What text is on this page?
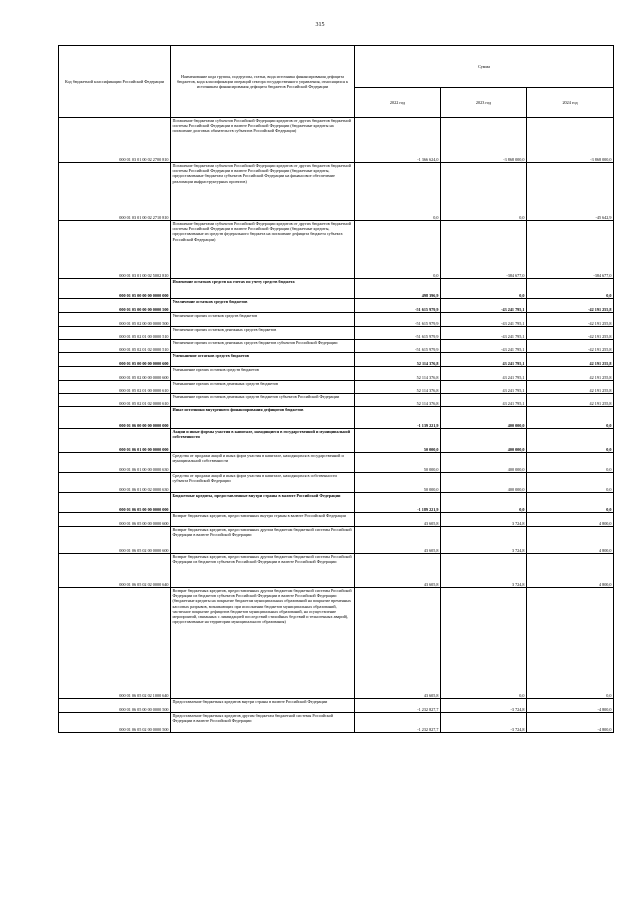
315
Код бюджетной классификации Российской Федерации	Наименование кода группы, подгруппы, статьи, вида источника финансирования дефицита бюджетов, кода классификации операций сектора государственного управления, относящихся к источникам финансирования дефицита бюджетов Российской Федерации	Сумма		
		2022 год	2023 год	2024 год
000 01 03 01 00 02 2700 810	Погашение бюджетами субъектов Российской Федерации кредитов от других бюджетов бюджетной системы Российской Федерации в валюте Российской Федерации (бюджетные кредиты на погашение долговых обязательств субъектов Российской Федерации)	-1 366 624,0	-3 868 000,0	-3 868 000,0
000 01 03 01 00 02 2710 810	Погашение бюджетами субъектов Российской Федерации кредитов от других бюджетов бюджетной системы Российской Федерации в валюте Российской Федерации (бюджетные кредиты, предоставленные бюджетам субъектов Российской Федерации на финансовое обеспечение реализации инфраструктурных проектов)	0,0	0,0	-45 642,9
000 01 03 01 00 02 5002 810	Погашение бюджетами субъектов Российской Федерации кредитов от других бюджетов бюджетной системы Российской Федерации в валюте Российской Федерации (бюджетные кредиты, предоставленные из средств федерального бюджета на погашение дефицита бюджета субъекта Российской Федерации)	0,0	-384 677,0	-384 677,0
000 01 05 00 00 00 0000 000	Изменение остатков средств на счетах по учету средств бюджета	498 396,9	0,0	0,0
000 01 05 00 00 00 0000 500	Увеличение остатков средств бюджетов	-51 615 979,9	-43 241 795,1	-42 191 255,8
000 01 05 02 00 00 0000 500	Увеличение прочих остатков средств бюджетов	-51 615 979,9	-43 241 795,1	-42 191 255,8
000 01 05 02 01 00 0000 510	Увеличение прочих остатков денежных средств бюджетов	-51 615 979,9	-43 241 795,1	-42 191 255,8
000 01 05 02 01 02 0000 510	Увеличение прочих остатков денежных средств бюджетов субъектов Российской Федерации	-51 615 979,9	-43 241 795,1	-42 191 255,8
000 01 05 00 00 00 0000 600	Уменьшение остатков средств бюджетов	52 114 376,8	43 241 795,1	42 191 255,8
000 01 05 02 00 00 0000 600	Уменьшение прочих остатков средств бюджетов	52 114 376,8	43 241 795,1	42 191 255,8
000 01 05 02 01 00 0000 610	Уменьшение прочих остатков денежных средств бюджетов	52 114 376,8	43 241 795,1	42 191 255,8
000 01 05 02 01 02 0000 610	Уменьшение прочих остатков денежных средств бюджетов субъектов Российской Федерации	52 114 376,8	43 241 795,1	42 191 255,8
000 01 06 00 00 00 0000 000	Иные источники внутреннего финансирования дефицитов бюджетов	-1 139 221,9	400 000,0	0,0
000 01 06 01 00 00 0000 000	Акции и иные формы участия в капитале, находящиеся в государственной и муниципальной собственности	50 000,0	400 000,0	0,0
000 01 06 01 00 00 0000 630	Средства от продажи акций и иных форм участия в капитале, находящихся в государственной и муниципальной собственности	50 000,0	400 000,0	0,0
000 01 06 01 00 02 0000 630	Средства от продажи акций и иных форм участия в капитале, находящихся в собственности субъекта Российской Федерации	50 000,0	400 000,0	0,0
000 01 06 05 00 00 0000 000	Бюджетные кредиты, предоставленные внутри страны в валюте Российской Федерации	-1 189 221,9	0,0	0,0
000 01 06 05 00 00 0000 600	Возврат бюджетных кредитов, предоставленных внутри страны в валюте Российской Федерации	43 605,8	3 724,8	4 800,0
000 01 06 05 02 00 0000 600	Возврат бюджетных кредитов, предоставленных другим бюджетам бюджетной системы Российской Федерации в валюте Российской Федерации	43 605,8	3 724,8	4 800,0
000 01 06 05 02 02 0000 640	Возврат бюджетных кредитов, предоставленных другим бюджетам бюджетной системы Российской Федерации из бюджетов субъектов Российской Федерации в валюте Российской Федерации	43 605,8	3 724,8	4 800,0
000 01 06 05 02 02 1000 640	Возврат бюджетных кредитов, предоставленных другим бюджетам бюджетной системы Российской Федерации из бюджетов субъектов Российской Федерации в валюте Российской Федерации (бюджетные кредиты на покрытие бюджетам муниципальных образований на покрытие временных кассовых разрывов, возникающих при исполнении бюджетов муниципальных образований, частичное покрытие дефицитов бюджетов муниципальных образований, на осуществление мероприятий, связанных с ликвидацией последствий стихийных бедствий и техногенных аварий), предоставленные на территории муниципального образования)	43 605,8	0,0	0,0
000 01 06 05 00 00 0000 500	Предоставление бюджетных кредитов внутри страны в валюте Российской Федерации	-1 232 827,7	-3 724,8	-4 800,0
000 01 06 05 02 00 0000 500	Предоставление бюджетных кредитов другим бюджетам бюджетной системы Российской Федерации в валюте Российской Федерации	-1 232 827,7	-3 724,8	-4 800,0
